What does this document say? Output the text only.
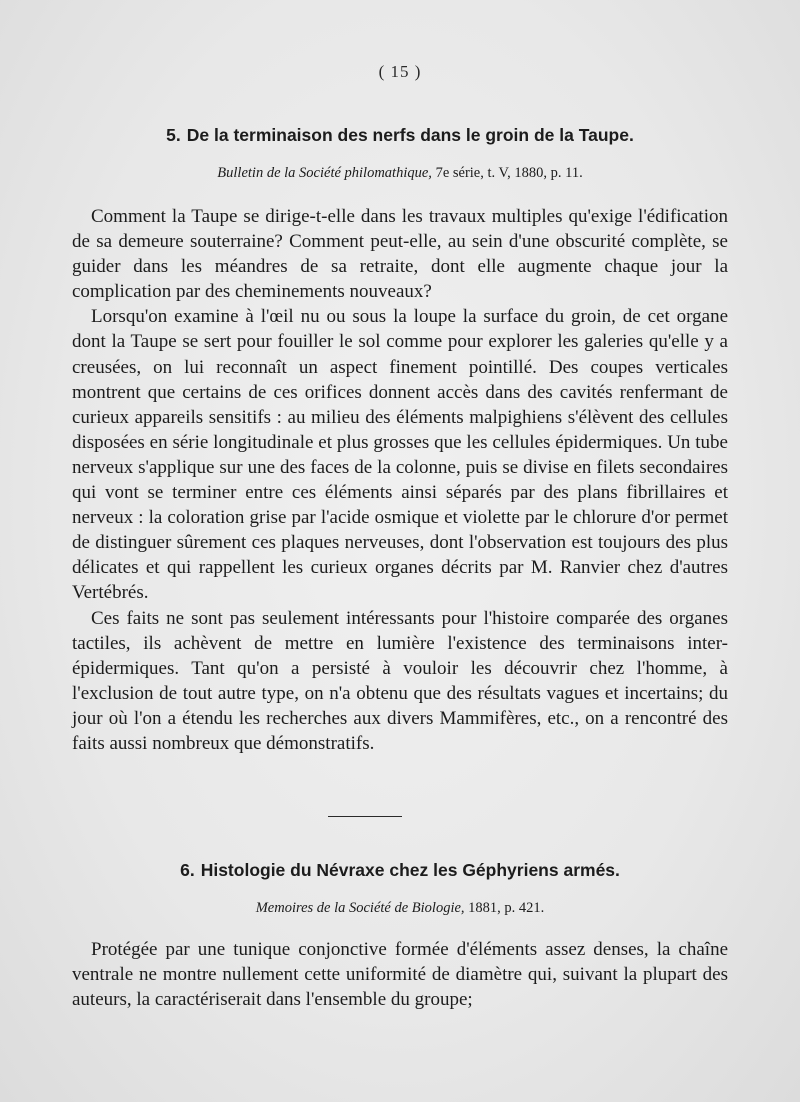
( 15 )
5. De la terminaison des nerfs dans le groin de la Taupe.
Bulletin de la Société philomathique, 7e série, t. V, 1880, p. 11.

Comment la Taupe se dirige-t-elle dans les travaux multiples qu'exige l'édification de sa demeure souterraine? Comment peut-elle, au sein d'une obscurité complète, se guider dans les méandres de sa retraite, dont elle augmente chaque jour la complication par des cheminements nouveaux?

Lorsqu'on examine à l'œil nu ou sous la loupe la surface du groin, de cet organe dont la Taupe se sert pour fouiller le sol comme pour explorer les galeries qu'elle y a creusées, on lui reconnaît un aspect finement pointillé. Des coupes verticales montrent que certains de ces orifices donnent accès dans des cavités renfermant de curieux appareils sensitifs : au milieu des éléments malpighiens s'élèvent des cellules disposées en série longitudinale et plus grosses que les cellules épidermiques. Un tube nerveux s'applique sur une des faces de la colonne, puis se divise en filets secondaires qui vont se terminer entre ces éléments ainsi séparés par des plans fibrillaires et nerveux : la coloration grise par l'acide osmique et violette par le chlorure d'or permet de distinguer sûrement ces plaques nerveuses, dont l'observation est toujours des plus délicates et qui rappellent les curieux organes décrits par M. Ranvier chez d'autres Vertébrés.

Ces faits ne sont pas seulement intéressants pour l'histoire comparée des organes tactiles, ils achèvent de mettre en lumière l'existence des terminaisons inter-épidermiques. Tant qu'on a persisté à vouloir les découvrir chez l'homme, à l'exclusion de tout autre type, on n'a obtenu que des résultats vagues et incertains; du jour où l'on a étendu les recherches aux divers Mammifères, etc., on a rencontré des faits aussi nombreux que démonstratifs.

6. Histologie du Névraxe chez les Géphyriens armés.
Memoires de la Société de Biologie, 1881, p. 421.

Protégée par une tunique conjonctive formée d'éléments assez denses, la chaîne ventrale ne montre nullement cette uniformité de diamètre qui, suivant la plupart des auteurs, la caractériserait dans l'ensemble du groupe;
